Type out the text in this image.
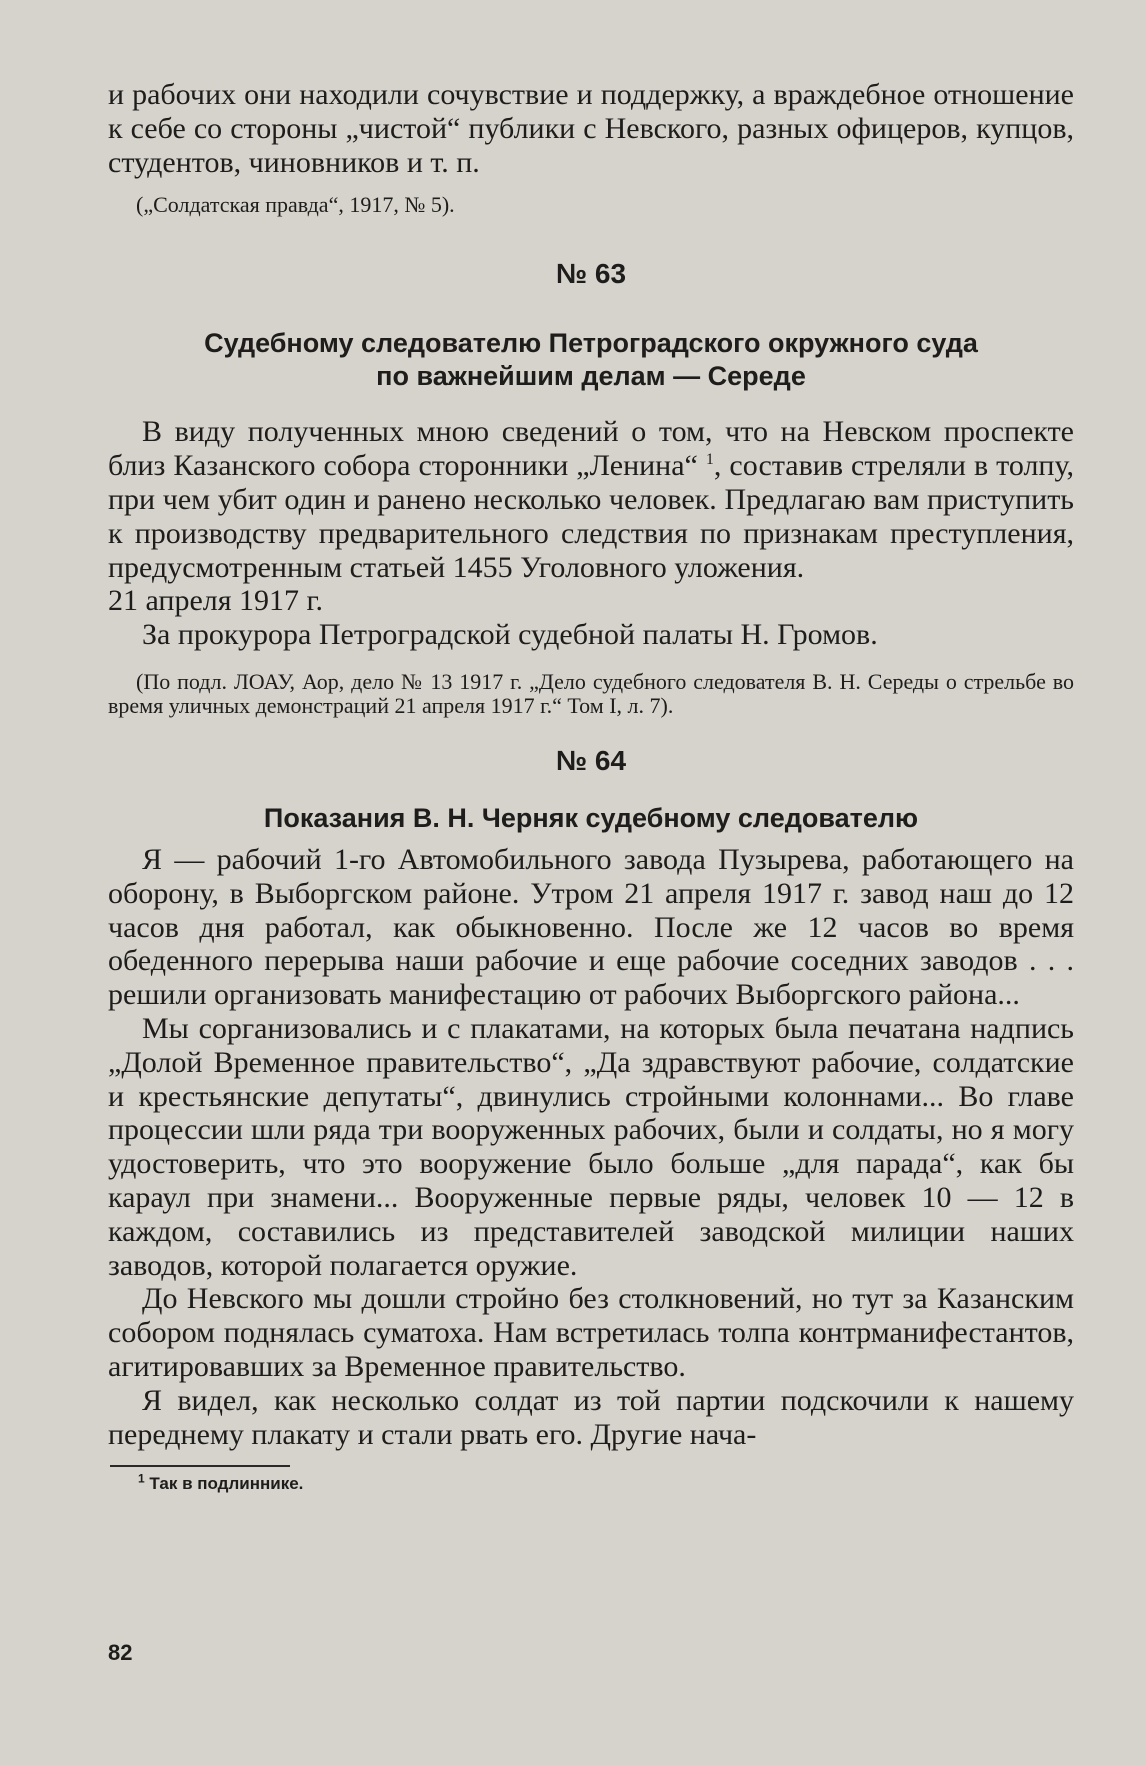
и рабочих они находили сочувствие и поддержку, а враждебное отношение к себе со стороны „чистой“ публики с Невского, разных офицеров, купцов, студентов, чиновников и т. п.

(„Солдатская правда“, 1917, № 5).

№ 63
Судебному следователю Петроградского окружного суда
по важнейшим делам — Середе

В виду полученных мною сведений о том, что на Невском проспекте близ Казанского собора сторонники „Ленина“ $^1$, составив стреляли в толпу, при чем убит один и ранено несколько человек. Предлагаю вам приступить к производству предварительного следствия по признакам преступления, предусмотренным статьей 1455 Уголовного уложения.

21 апреля 1917 г.

За прокурора Петроградской судебной палаты Н. Громов.

(По подл. ЛОАУ, Аор, дело № 13 1917 г. „Дело судебного следователя В. Н. Середы о стрельбе во время уличных демонстраций 21 апреля 1917 г.“ Том I, л. 7).

№ 64
Показания В. Н. Черняк судебному следователю

Я — рабочий 1-го Автомобильного завода Пузырева, работающего на оборону, в Выборгском районе. Утром 21 апреля 1917 г. завод наш до 12 часов дня работал, как обыкновенно. После же 12 часов во время обеденного перерыва наши рабочие и еще рабочие соседних заводов . . . решили организовать манифестацию от рабочих Выборгского района...

Мы сорганизовались и с плакатами, на которых была печатана надпись „Долой Временное правительство“, „Да здравствуют рабочие, солдатские и крестьянские депутаты“, двинулись стройными колоннами... Во главе процессии шли ряда три вооруженных рабочих, были и солдаты, но я могу удостоверить, что это вооружение было больше „для парада“, как бы караул при знамени... Вооруженные первые ряды, человек 10 — 12 в каждом, составились из представителей заводской милиции наших заводов, которой полагается оружие.

До Невского мы дошли стройно без столкновений, но тут за Казанским собором поднялась суматоха. Нам встретилась толпа контрманифестантов, агитировавших за Временное правительство.

Я видел, как несколько солдат из той партии подскочили к нашему переднему плакату и стали рвать его. Другие нача-

$^1$ Так в подлиннике.
82
